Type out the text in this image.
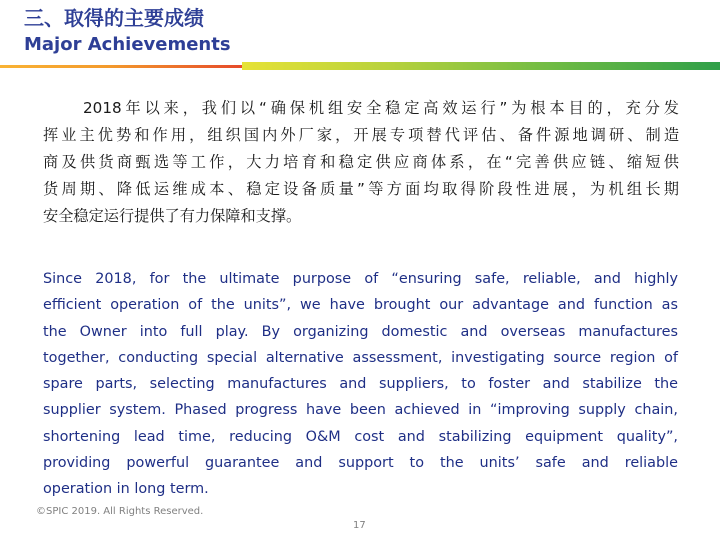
三、取得的主要成绩
Major Achievements
2018年以来，我们以“确保机组安全稳定高效运行”为根本目的，充分发
挥业主优势和作用，组织国内外厂家，开展专项替代评估、备件源地调研、制造
商及供货商甄选等工作，大力培育和稳定供应商体系，在“完善供应链、缩短供
货周期、降低运维成本、稳定设备质量”等方面均取得阶段性进展，为机组长期
安全稳定运行提供了有力保障和支撑。
Since 2018, for the ultimate purpose of “ensuring safe, reliable, and highly
efficient operation of the units”, we have brought our advantage and function as
the Owner into full play. By organizing domestic and overseas manufactures
together, conducting special alternative assessment, investigating source region of
spare parts, selecting manufactures and suppliers, to foster and stabilize the
supplier system. Phased progress have been achieved in “improving supply chain,
shortening lead time, reducing O&M cost and stabilizing equipment quality”,
providing powerful guarantee and support to the units’ safe and reliable
operation in long term.
©SPIC 2019. All Rights Reserved.
17
